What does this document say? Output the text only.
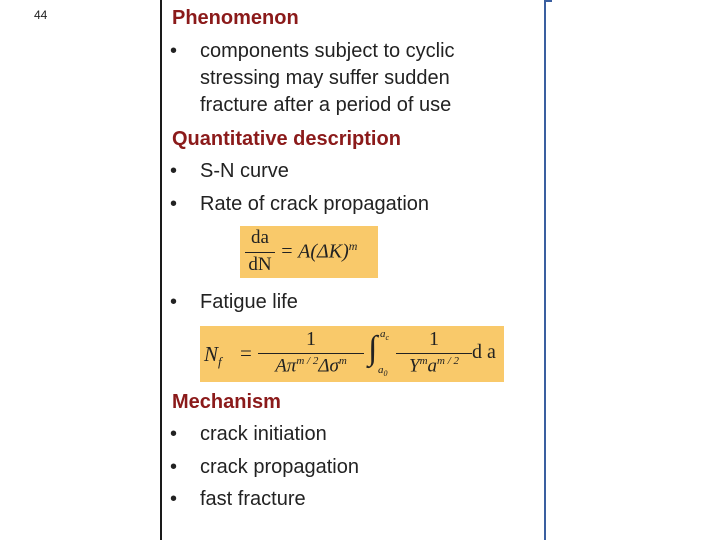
44	Phenomenon
•	components subject to cyclic
stressing may suffer sudden
fracture after a period of use
Quantitative description
•	S-N curve
•	Rate of crack propagation
da
dN
= $A(\Delta K)^m$
•	Fatigue life
$N_f$ =
1
$A\pi^{m / 2}\Delta\sigma^m$ ∫ $a_c$
$a_0$
1
$Y^ma^{m / 2}$ d a
Mechanism
•	crack initiation
•	crack propagation
•	fast fracture
